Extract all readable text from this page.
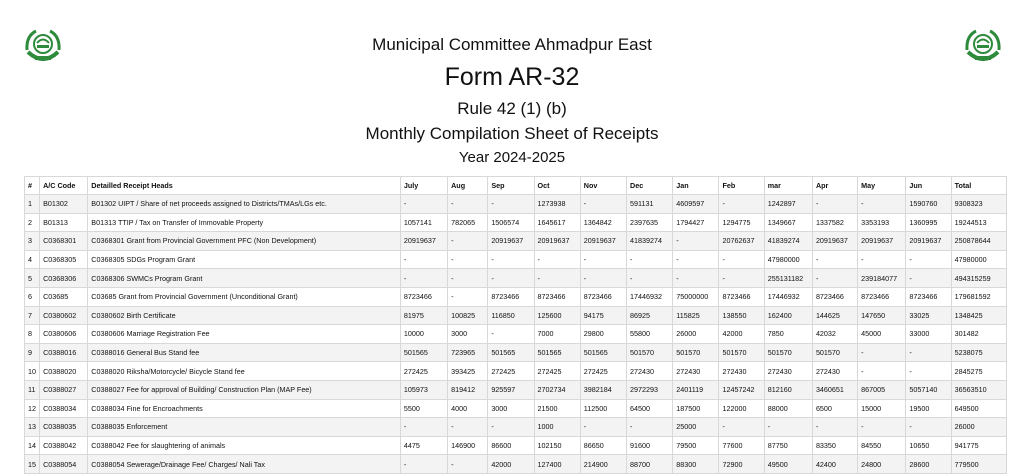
Municipal Committee Ahmadpur East
Form AR-32
Rule 42 (1) (b)
Monthly Compilation Sheet of Receipts
Year 2024-2025
#	A/C Code	Detailled Receipt Heads	July	Aug	Sep	Oct	Nov	Dec	Jan	Feb	mar	Apr	May	Jun	Total
1	B01302	B01302 UIPT / Share of net proceeds assigned to Districts/TMAs/LGs etc.	-	-	-	1273938	-	591131	4609597	-	1242897	-	-	1590760	9308323
2	B01313	B01313 TTIP / Tax on Transfer of Immovable Property	1057141	782065	1506574	1645617	1364842	2397635	1794427	1294775	1349667	1337582	3353193	1360995	19244513
3	C0368301	C0368301 Grant from Provincial Government PFC (Non Development)	20919637	-	20919637	20919637	20919637	41839274	-	20762637	41839274	20919637	20919637	20919637	250878644
4	C0368305	C0368305 SDGs Program Grant	-	-	-	-	-	-	-	-	47980000	-	-	-	47980000
5	C0368306	C0368306 SWMCs Program Grant	-	-	-	-	-	-	-	-	255131182	-	239184077	-	494315259
6	C03685	C03685 Grant from Provincial Government (Unconditional Grant)	8723466	-	8723466	8723466	8723466	17446932	75000000	8723466	17446932	8723466	8723466	8723466	179681592
7	C0380602	C0380602 Birth Certificate	81975	100825	116850	125600	94175	86925	115825	138550	162400	144625	147650	33025	1348425
8	C0380606	C0380606 Marriage Registration Fee	10000	3000	-	7000	29800	55800	26000	42000	7850	42032	45000	33000	301482
9	C0388016	C0388016 General Bus Stand fee	501565	723965	501565	501565	501565	501570	501570	501570	501570	501570	-	-	5238075
10	C0388020	C0388020 Riksha/Motorcycle/ Bicycle Stand fee	272425	393425	272425	272425	272425	272430	272430	272430	272430	272430	-	-	2845275
11	C0388027	C0388027 Fee for approval of Building/ Construction Plan (MAP Fee)	105973	819412	925597	2702734	3982184	2972293	2401119	12457242	812160	3460651	867005	5057140	36563510
12	C0388034	C0388034 Fine for Encroachments	5500	4000	3000	21500	112500	64500	187500	122000	88000	6500	15000	19500	649500
13	C0388035	C0388035 Enforcement	-	-	-	1000	-	-	25000	-	-	-	-	-	26000
14	C0388042	C0388042 Fee for slaughtering of animals	4475	146900	86600	102150	86650	91600	79500	77600	87750	83350	84550	10650	941775
15	C0388054	C0388054 Sewerage/Drainage Fee/ Charges/ Nali Tax	-	-	42000	127400	214900	88700	88300	72900	49500	42400	24800	28600	779500
